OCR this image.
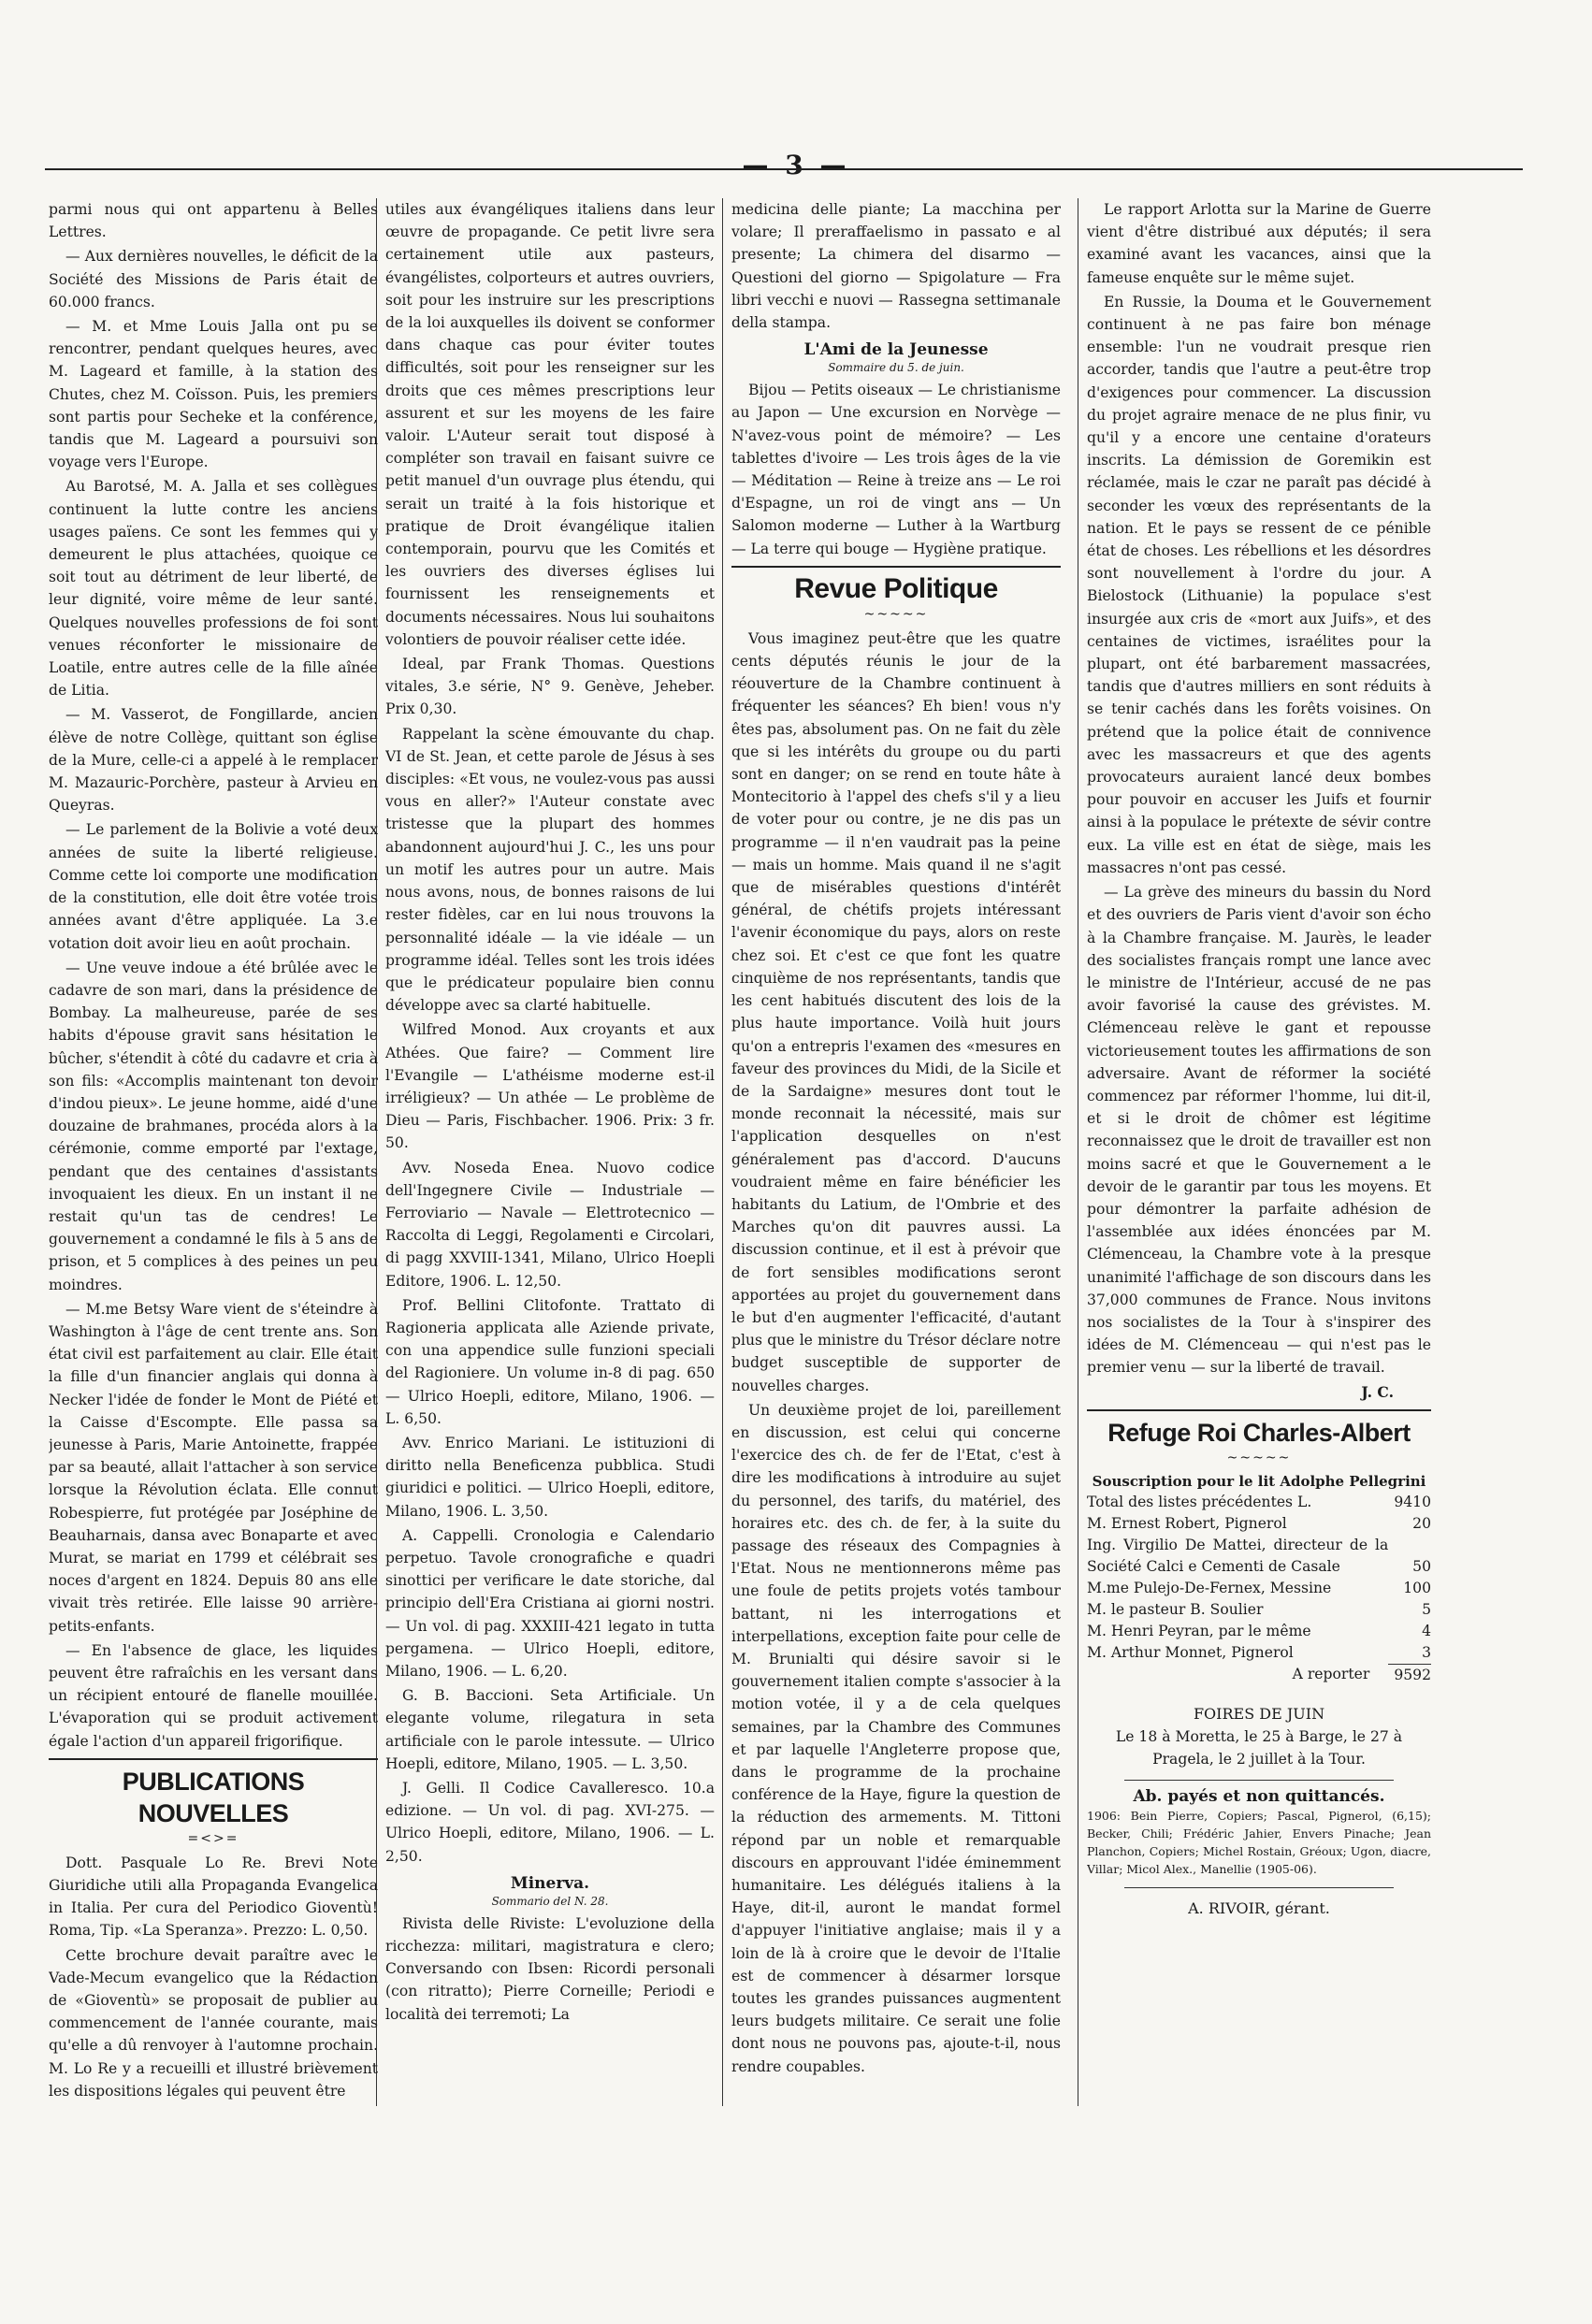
— 3 —

parmi nous qui ont appartenu à Belles Lettres.

— Aux dernières nouvelles, le déficit de la Société des Missions de Paris était de 60.000 francs.

— M. et Mme Louis Jalla ont pu se rencontrer, pendant quelques heures, avec M. Lageard et famille, à la station des Chutes, chez M. Coïsson. Puis, les premiers sont partis pour Secheke et la conférence, tandis que M. Lageard a poursuivi son voyage vers l'Europe.

Au Barotsé, M. A. Jalla et ses collègues continuent la lutte contre les anciens usages païens. Ce sont les femmes qui y demeurent le plus attachées, quoique ce soit tout au détriment de leur liberté, de leur dignité, voire même de leur santé. Quelques nouvelles professions de foi sont venues réconforter le missionaire de Loatile, entre autres celle de la fille aînée de Litia.

— M. Vasserot, de Fongillarde, ancien élève de notre Collège, quittant son église de la Mure, celle-ci a appelé à le remplacer M. Mazauric-Porchère, pasteur à Arvieu en Queyras.

— Le parlement de la Bolivie a voté deux années de suite la liberté religieuse. Comme cette loi comporte une modification de la constitution, elle doit être votée trois années avant d'être appliquée. La 3.e votation doit avoir lieu en août prochain.

— Une veuve indoue a été brûlée avec le cadavre de son mari, dans la présidence de Bombay. La malheureuse, parée de ses habits d'épouse gravit sans hésitation le bûcher, s'étendit à côté du cadavre et cria à son fils: «Accomplis maintenant ton devoir d'indou pieux». Le jeune homme, aidé d'une douzaine de brahmanes, procéda alors à la cérémonie, comme emporté par l'extage, pendant que des centaines d'assistants invoquaient les dieux. En un instant il ne restait qu'un tas de cendres! Le gouvernement a condamné le fils à 5 ans de prison, et 5 complices à des peines un peu moindres.

— M.me Betsy Ware vient de s'éteindre à Washington à l'âge de cent trente ans. Son état civil est parfaitement au clair. Elle était la fille d'un financier anglais qui donna à Necker l'idée de fonder le Mont de Piété et la Caisse d'Escompte. Elle passa sa jeunesse à Paris, Marie Antoinette, frappée par sa beauté, allait l'attacher à son service lorsque la Révolution éclata. Elle connut Robespierre, fut protégée par Joséphine de Beauharnais, dansa avec Bonaparte et avec Murat, se mariat en 1799 et célébrait ses noces d'argent en 1824. Depuis 80 ans elle vivait très retirée. Elle laisse 90 arrière-petits-enfants.

— En l'absence de glace, les liquides peuvent être rafraîchis en les versant dans un récipient entouré de flanelle mouillée. L'évaporation qui se produit activement égale l'action d'un appareil frigorifique.

PUBLICATIONS NOUVELLES
=<>=

Dott. Pasquale Lo Re. Brevi Note Giuridiche utili alla Propaganda Evangelica in Italia. Per cura del Periodico Gioventù! Roma, Tip. «La Speranza». Prezzo: L. 0,50.

Cette brochure devait paraître avec le Vade-Mecum evangelico que la Rédaction de «Gioventù» se proposait de publier au commencement de l'année courante, mais qu'elle a dû renvoyer à l'automne prochain. M. Lo Re y a recueilli et illustré brièvement les dispositions légales qui peuvent être

utiles aux évangéliques italiens dans leur œuvre de propagande. Ce petit livre sera certainement utile aux pasteurs, évangélistes, colporteurs et autres ouvriers, soit pour les instruire sur les prescriptions de la loi auxquelles ils doivent se conformer dans chaque cas pour éviter toutes difficultés, soit pour les renseigner sur les droits que ces mêmes prescriptions leur assurent et sur les moyens de les faire valoir. L'Auteur serait tout disposé à compléter son travail en faisant suivre ce petit manuel d'un ouvrage plus étendu, qui serait un traité à la fois historique et pratique de Droit évangélique italien contemporain, pourvu que les Comités et les ouvriers des diverses églises lui fournissent les renseignements et documents nécessaires. Nous lui souhaitons volontiers de pouvoir réaliser cette idée.

Ideal, par Frank Thomas. Questions vitales, 3.e série, N° 9. Genève, Jeheber. Prix 0,30.

Rappelant la scène émouvante du chap. VI de St. Jean, et cette parole de Jésus à ses disciples: «Et vous, ne voulez-vous pas aussi vous en aller?» l'Auteur constate avec tristesse que la plupart des hommes abandonnent aujourd'hui J. C., les uns pour un motif les autres pour un autre. Mais nous avons, nous, de bonnes raisons de lui rester fidèles, car en lui nous trouvons la personnalité idéale — la vie idéale — un programme idéal. Telles sont les trois idées que le prédicateur populaire bien connu développe avec sa clarté habituelle.

Wilfred Monod. Aux croyants et aux Athées. Que faire? — Comment lire l'Evangile — L'athéisme moderne est-il irréligieux? — Un athée — Le problème de Dieu — Paris, Fischbacher. 1906. Prix: 3 fr. 50.

Avv. Noseda Enea. Nuovo codice dell'Ingegnere Civile — Industriale — Ferroviario — Navale — Elettrotecnico — Raccolta di Leggi, Regolamenti e Circolari, di pagg XXVIII-1341, Milano, Ulrico Hoepli Editore, 1906. L. 12,50.

Prof. Bellini Clitofonte. Trattato di Ragioneria applicata alle Aziende private, con una appendice sulle funzioni speciali del Ragioniere. Un volume in-8 di pag. 650 — Ulrico Hoepli, editore, Milano, 1906. — L. 6,50.

Avv. Enrico Mariani. Le istituzioni di diritto nella Beneficenza pubblica. Studi giuridici e politici. — Ulrico Hoepli, editore, Milano, 1906. L. 3,50.

A. Cappelli. Cronologia e Calendario perpetuo. Tavole cronografiche e quadri sinottici per verificare le date storiche, dal principio dell'Era Cristiana ai giorni nostri. — Un vol. di pag. XXXIII-421 legato in tutta pergamena. — Ulrico Hoepli, editore, Milano, 1906. — L. 6,20.

G. B. Baccioni. Seta Artificiale. Un elegante volume, rilegatura in seta artificiale con le parole intessute. — Ulrico Hoepli, editore, Milano, 1905. — L. 3,50.

J. Gelli. Il Codice Cavalleresco. 10.a edizione. — Un vol. di pag. XVI-275. — Ulrico Hoepli, editore, Milano, 1906. — L. 2,50.

Minerva.
Sommario del N. 28.

Rivista delle Riviste: L'evoluzione della ricchezza: militari, magistratura e clero; Conversando con Ibsen: Ricordi personali (con ritratto); Pierre Corneille; Periodi e località dei terremoti; La

medicina delle piante; La macchina per volare; Il preraffaelismo in passato e al presente; La chimera del disarmo — Questioni del giorno — Spigolature — Fra libri vecchi e nuovi — Rassegna settimanale della stampa.

L'Ami de la Jeunesse
Sommaire du 5. de juin.

Bijou — Petits oiseaux — Le christianisme au Japon — Une excursion en Norvège — N'avez-vous point de mémoire? — Les tablettes d'ivoire — Les trois âges de la vie — Méditation — Reine à treize ans — Le roi d'Espagne, un roi de vingt ans — Un Salomon moderne — Luther à la Wartburg — La terre qui bouge — Hygiène pratique.

Revue Politique
~~~~~

Vous imaginez peut-être que les quatre cents députés réunis le jour de la réouverture de la Chambre continuent à fréquenter les séances? Eh bien! vous n'y êtes pas, absolument pas. On ne fait du zèle que si les intérêts du groupe ou du parti sont en danger; on se rend en toute hâte à Montecitorio à l'appel des chefs s'il y a lieu de voter pour ou contre, je ne dis pas un programme — il n'en vaudrait pas la peine — mais un homme. Mais quand il ne s'agit que de misérables questions d'intérêt général, de chétifs projets intéressant l'avenir économique du pays, alors on reste chez soi. Et c'est ce que font les quatre cinquième de nos représentants, tandis que les cent habitués discutent des lois de la plus haute importance. Voilà huit jours qu'on a entrepris l'examen des «mesures en faveur des provinces du Midi, de la Sicile et de la Sardaigne» mesures dont tout le monde reconnait la nécessité, mais sur l'application desquelles on n'est généralement pas d'accord. D'aucuns voudraient même en faire bénéficier les habitants du Latium, de l'Ombrie et des Marches qu'on dit pauvres aussi. La discussion continue, et il est à prévoir que de fort sensibles modifications seront apportées au projet du gouvernement dans le but d'en augmenter l'efficacité, d'autant plus que le ministre du Trésor déclare notre budget susceptible de supporter de nouvelles charges.

Un deuxième projet de loi, pareillement en discussion, est celui qui concerne l'exercice des ch. de fer de l'Etat, c'est à dire les modifications à introduire au sujet du personnel, des tarifs, du matériel, des horaires etc. des ch. de fer, à la suite du passage des réseaux des Compagnies à l'Etat. Nous ne mentionnerons même pas une foule de petits projets votés tambour battant, ni les interrogations et interpellations, exception faite pour celle de M. Brunialti qui désire savoir si le gouvernement italien compte s'associer à la motion votée, il y a de cela quelques semaines, par la Chambre des Communes et par laquelle l'Angleterre propose que, dans le programme de la prochaine conférence de la Haye, figure la question de la réduction des armements. M. Tittoni répond par un noble et remarquable discours en approuvant l'idée éminemment humanitaire. Les délégués italiens à la Haye, dit-il, auront le mandat formel d'appuyer l'initiative anglaise; mais il y a loin de là à croire que le devoir de l'Italie est de commencer à désarmer lorsque toutes les grandes puissances augmentent leurs budgets militaire. Ce serait une folie dont nous ne pouvons pas, ajoute-t-il, nous rendre coupables.

Le rapport Arlotta sur la Marine de Guerre vient d'être distribué aux députés; il sera examiné avant les vacances, ainsi que la fameuse enquête sur le même sujet.

En Russie, la Douma et le Gouvernement continuent à ne pas faire bon ménage ensemble: l'un ne voudrait presque rien accorder, tandis que l'autre a peut-être trop d'exigences pour commencer. La discussion du projet agraire menace de ne plus finir, vu qu'il y a encore une centaine d'orateurs inscrits. La démission de Goremikin est réclamée, mais le czar ne paraît pas décidé à seconder les vœux des représentants de la nation. Et le pays se ressent de ce pénible état de choses. Les rébellions et les désordres sont nouvellement à l'ordre du jour. A Bielostock (Lithuanie) la populace s'est insurgée aux cris de «mort aux Juifs», et des centaines de victimes, israélites pour la plupart, ont été barbarement massacrées, tandis que d'autres milliers en sont réduits à se tenir cachés dans les forêts voisines. On prétend que la police était de connivence avec les massacreurs et que des agents provocateurs auraient lancé deux bombes pour pouvoir en accuser les Juifs et fournir ainsi à la populace le prétexte de sévir contre eux. La ville est en état de siège, mais les massacres n'ont pas cessé.

— La grève des mineurs du bassin du Nord et des ouvriers de Paris vient d'avoir son écho à la Chambre française. M. Jaurès, le leader des socialistes français rompt une lance avec le ministre de l'Intérieur, accusé de ne pas avoir favorisé la cause des grévistes. M. Clémenceau relève le gant et repousse victorieusement toutes les affirmations de son adversaire. Avant de réformer la société commencez par réformer l'homme, lui dit-il, et si le droit de chômer est légitime reconnaissez que le droit de travailler est non moins sacré et que le Gouvernement a le devoir de le garantir par tous les moyens. Et pour démontrer la parfaite adhésion de l'assemblée aux idées énoncées par M. Clémenceau, la Chambre vote à la presque unanimité l'affichage de son discours dans les 37,000 communes de France. Nous invitons nos socialistes de la Tour à s'inspirer des idées de M. Clémenceau — qui n'est pas le premier venu — sur la liberté de travail.

J. C.
Refuge Roi Charles-Albert
~~~~~
Souscription pour le lit Adolphe Pellegrini
Total des listes précédentes L.	9410
M. Ernest Robert, Pignerol	20
Ing. Virgilio De Mattei, directeur de la Société Calci e Cementi de Casale	50
M.me Pulejo-De-Fernex, Messine	100
M. le pasteur B. Soulier	5
M. Henri Peyran, par le même	4
M. Arthur Monnet, Pignerol	3
A reporter	9592
FOIRES DE JUIN

Le 18 à Moretta, le 25 à Barge, le 27 à Pragela, le 2 juillet à la Tour.

Ab. payés et non quittancés.

1906: Bein Pierre, Copiers; Pascal, Pignerol, (6,15); Becker, Chili; Frédéric Jahier, Envers Pinache; Jean Planchon, Copiers; Michel Rostain, Gréoux; Ugon, diacre, Villar; Micol Alex., Manellie (1905-06).

A. RIVOIR, gérant.
